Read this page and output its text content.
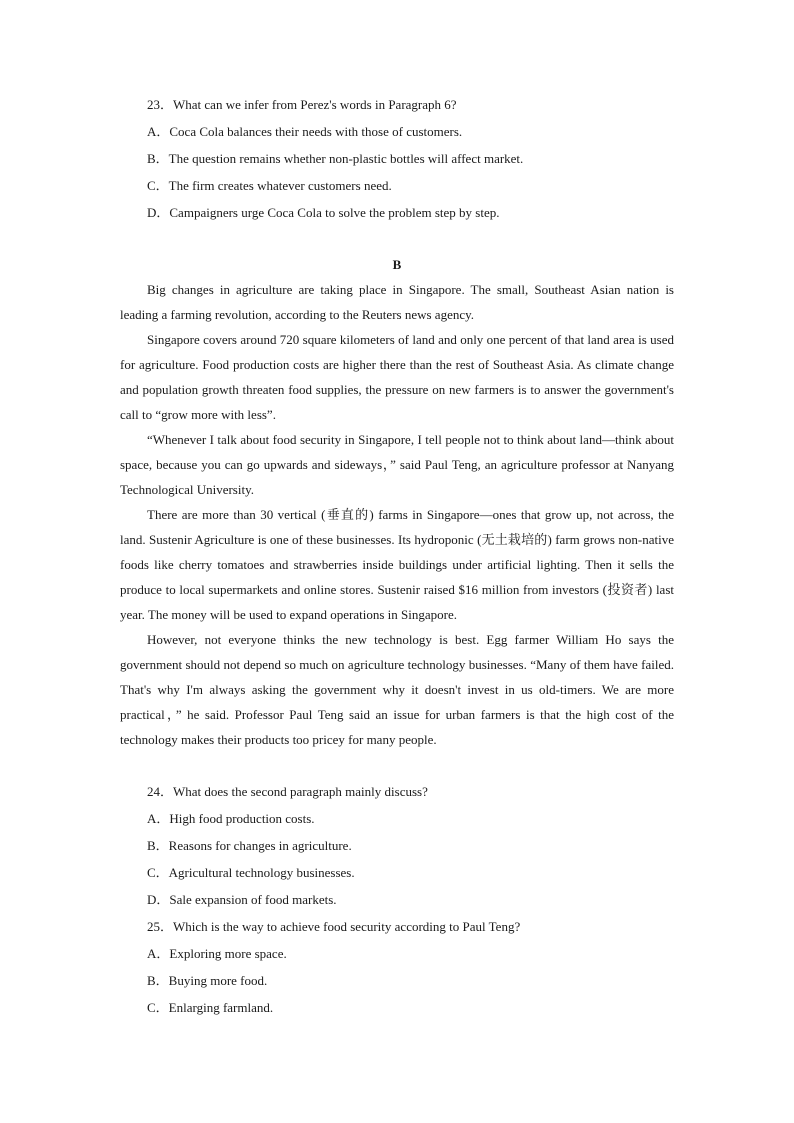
23．What can we infer from Perez's words in Paragraph 6?
A．Coca Cola balances their needs with those of customers.
B．The question remains whether non-plastic bottles will affect market.
C．The firm creates whatever customers need.
D．Campaigners urge Coca Cola to solve the problem step by step.
B

Big changes in agriculture are taking place in Singapore. The small, Southeast Asian nation is leading a farming revolution, according to the Reuters news agency.

Singapore covers around 720 square kilometers of land and only one percent of that land area is used for agriculture. Food production costs are higher there than the rest of Southeast Asia. As climate change and population growth threaten food supplies, the pressure on new farmers is to answer the government's call to “grow more with less”.

“Whenever I talk about food security in Singapore, I tell people not to think about land—think about space, because you can go upwards and sideways，” said Paul Teng, an agriculture professor at Nanyang Technological University.

There are more than 30 vertical (垂直的) farms in Singapore—ones that grow up, not across, the land. Sustenir Agriculture is one of these businesses. Its hydroponic (无土栽培的) farm grows non-native foods like cherry tomatoes and strawberries inside buildings under artificial lighting. Then it sells the produce to local supermarkets and online stores. Sustenir raised $16 million from investors (投资者) last year. The money will be used to expand operations in Singapore.

However, not everyone thinks the new technology is best. Egg farmer William Ho says the government should not depend so much on agriculture technology businesses. “Many of them have failed. That's why I'm always asking the government why it doesn't invest in us old-timers. We are more practical，” he said. Professor Paul Teng said an issue for urban farmers is that the high cost of the technology makes their products too pricey for many people.

24．What does the second paragraph mainly discuss?
A．High food production costs.
B．Reasons for changes in agriculture.
C．Agricultural technology businesses.
D．Sale expansion of food markets.
25．Which is the way to achieve food security according to Paul Teng?
A．Exploring more space.
B．Buying more food.
C．Enlarging farmland.
